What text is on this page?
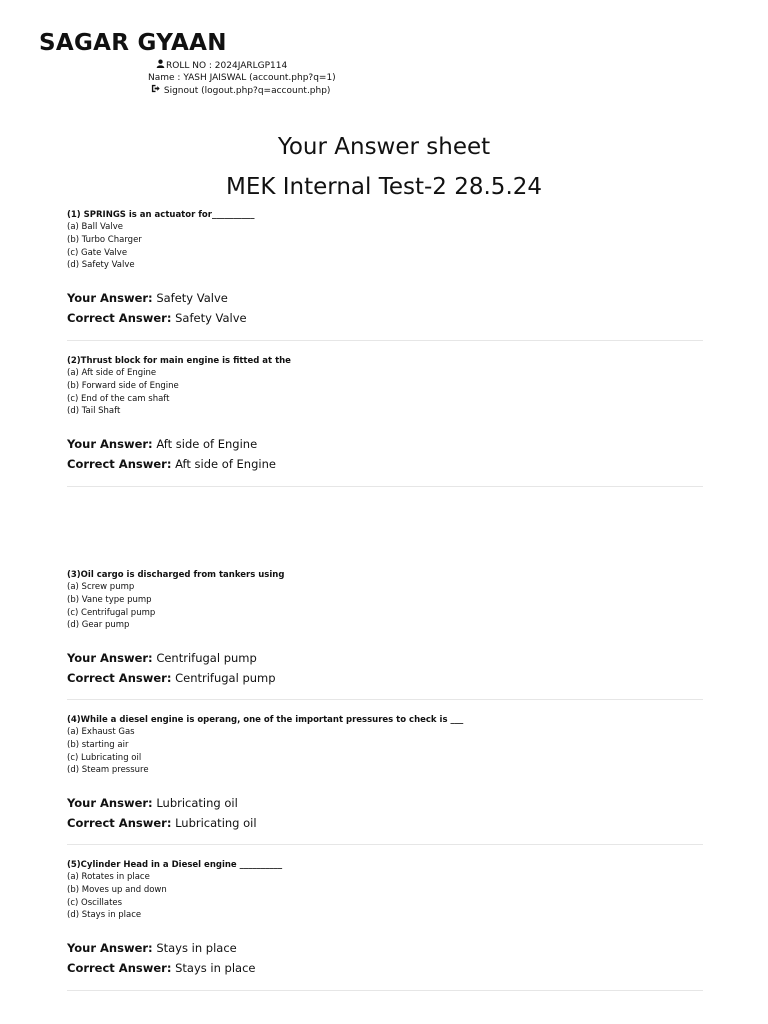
SAGAR GYAAN
ROLL NO : 2024JARLGP114
Name : YASH JAISWAL (account.php?q=1)
Signout (logout.php?q=account.php)
Your Answer sheet
MEK Internal Test-2 28.5.24
(1) SPRINGS is an actuator for__________
(a) Ball Valve
(b) Turbo Charger
(c) Gate Valve
(d) Safety Valve
Your Answer: Safety Valve
Correct Answer: Safety Valve
(2)Thrust block for main engine is fitted at the
(a) Aft side of Engine
(b) Forward side of Engine
(c) End of the cam shaft
(d) Tail Shaft
Your Answer: Aft side of Engine
Correct Answer: Aft side of Engine
(3)Oil cargo is discharged from tankers using
(a) Screw pump
(b) Vane type pump
(c) Centrifugal pump
(d) Gear pump
Your Answer: Centrifugal pump
Correct Answer: Centrifugal pump
(4)While a diesel engine is operang, one of the important pressures to check is ___
(a) Exhaust Gas
(b) starting air
(c) Lubricating oil
(d) Steam pressure
Your Answer: Lubricating oil
Correct Answer: Lubricating oil
(5)Cylinder Head in a Diesel engine __________
(a) Rotates in place
(b) Moves up and down
(c) Oscillates
(d) Stays in place
Your Answer: Stays in place
Correct Answer: Stays in place
